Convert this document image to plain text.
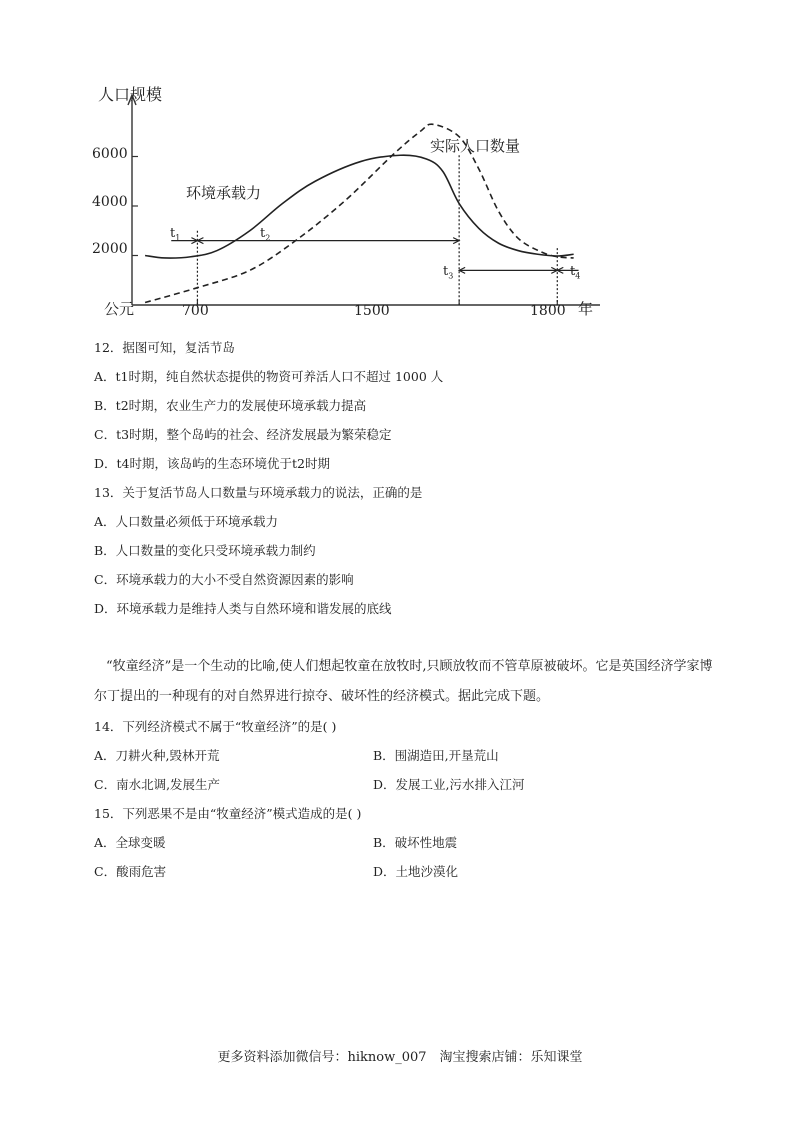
人口规模
6000
4000
2000
公元	700	1500	1800 年
实际人口数量
环境承载力
$t_1$	$t_2$
$t_3$	$t_4$
12．据图可知，复活节岛
A．t1时期，纯自然状态提供的物资可养活人口不超过 1000 人
B．t2时期，农业生产力的发展使环境承载力提高
C．t3时期，整个岛屿的社会、经济发展最为繁荣稳定
D．t4时期，该岛屿的生态环境优于t2时期
13．关于复活节岛人口数量与环境承载力的说法，正确的是
A．人口数量必须低于环境承载力
B．人口数量的变化只受环境承载力制约
C．环境承载力的大小不受自然资源因素的影响
D．环境承载力是维持人类与自然环境和谐发展的底线
“牧童经济”是一个生动的比喻,使人们想起牧童在放牧时,只顾放牧而不管草原被破坏。它是英国经济学家博尔丁提出的一种现有的对自然界进行掠夺、破坏性的经济模式。据此完成下题。
14．下列经济模式不属于“牧童经济”的是( )
A．刀耕火种,毁林开荒	B．围湖造田,开垦荒山
C．南水北调,发展生产	D．发展工业,污水排入江河
15．下列恶果不是由“牧童经济”模式造成的是( )
A．全球变暖	B．破坏性地震
C．酸雨危害	D．土地沙漠化
更多资料添加微信号：hiknow_007　淘宝搜索店铺：乐知课堂
